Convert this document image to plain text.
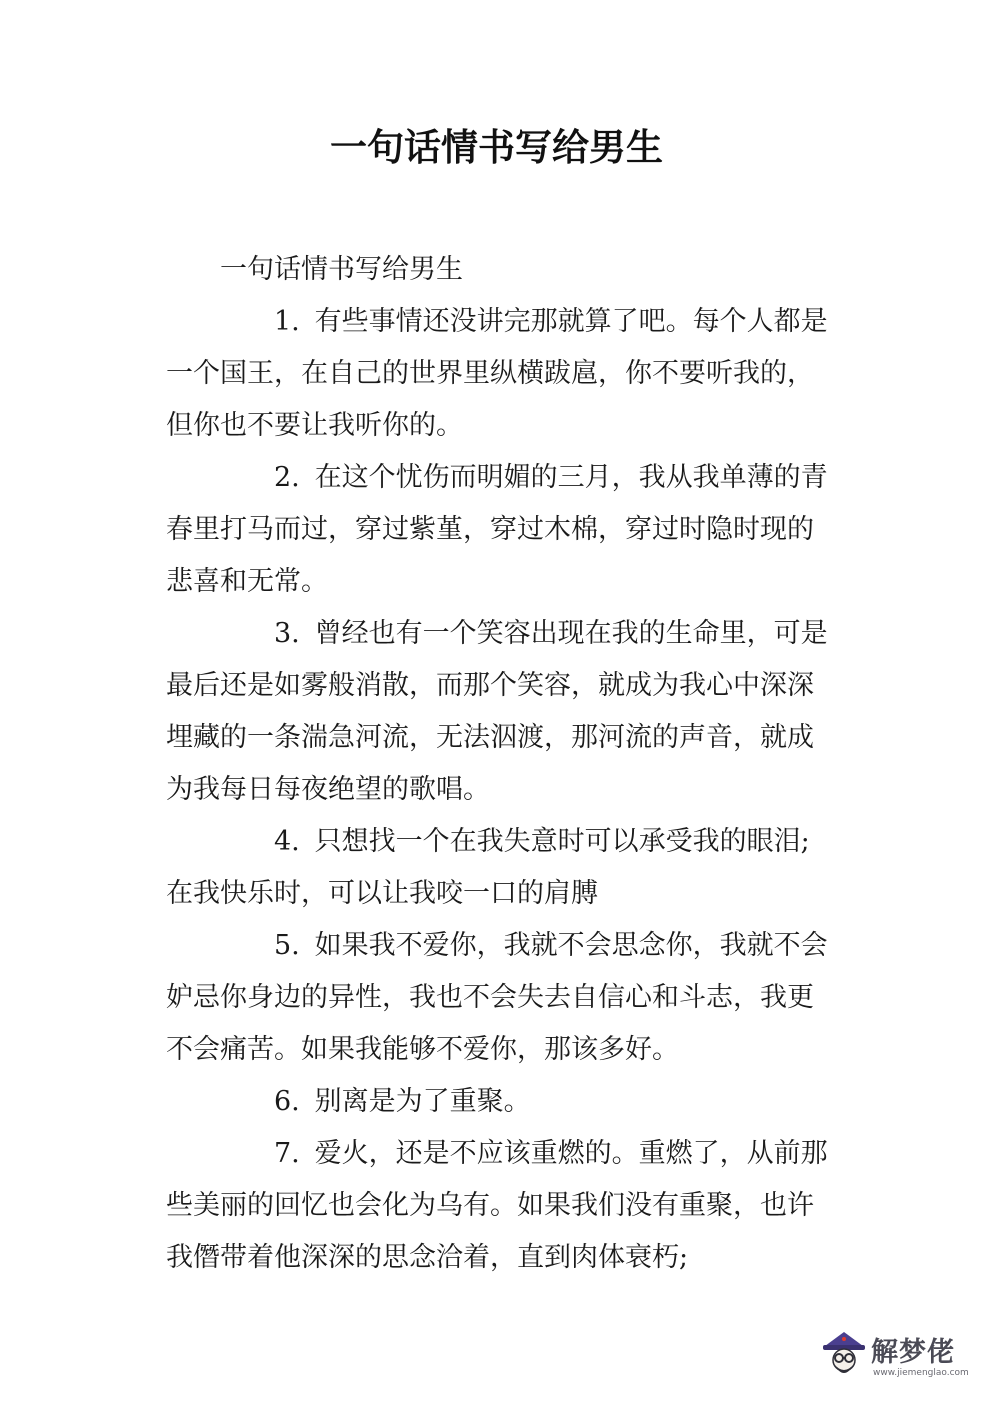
一句话情书写给男生

一句话情书写给男生

1. 有些事情还没讲完那就算了吧。每个人都是一个国王，在自己的世界里纵横跋扈，你不要听我的，但你也不要让我听你的。

2. 在这个忧伤而明媚的三月，我从我单薄的青春里打马而过，穿过紫堇，穿过木棉，穿过时隐时现的悲喜和无常。

3. 曾经也有一个笑容出现在我的生命里，可是最后还是如雾般消散，而那个笑容，就成为我心中深深埋藏的一条湍急河流，无法泅渡，那河流的声音，就成为我每日每夜绝望的歌唱。

4. 只想找一个在我失意时可以承受我的眼泪;在我快乐时，可以让我咬一口的肩膊

5. 如果我不爱你，我就不会思念你，我就不会妒忌你身边的异性，我也不会失去自信心和斗志，我更不会痛苦。如果我能够不爱你，那该多好。

6. 别离是为了重聚。

7. 爱火，还是不应该重燃的。重燃了，从前那些美丽的回忆也会化为乌有。如果我们没有重聚，也许我僭带着他深深的思念洽着，直到肉体衰朽;

解梦佬
www.jiemenglao.com
